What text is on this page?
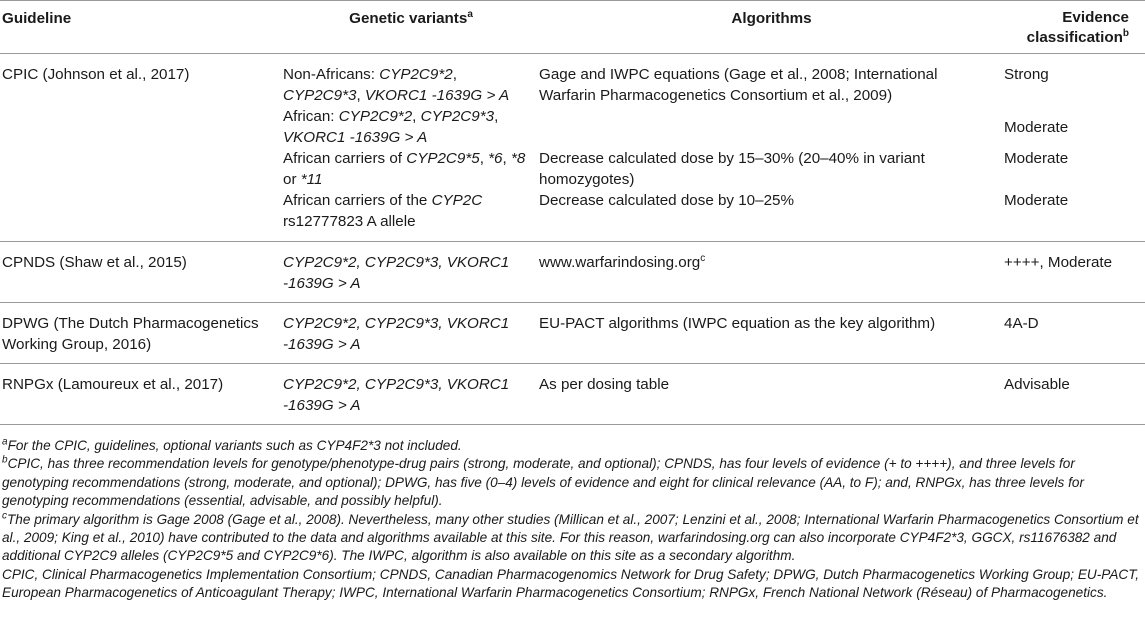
Guideline	Genetic variants$^a$	Algorithms	Evidence
classification$^b$
CPIC (Johnson et al., 2017)	Non-Africans: CYP2C9*2, CYP2C9*3, VKORC1 -1639G > A	Gage and IWPC equations (Gage et al., 2008; International Warfarin Pharmacogenetics Consortium et al., 2009)	Strong
	African: CYP2C9*2, CYP2C9*3, VKORC1 -1639G > A		Moderate
	African carriers of CYP2C9*5, *6, *8 or *11	Decrease calculated dose by 15–30% (20–40% in variant homozygotes)	Moderate
	African carriers of the CYP2C rs12777823 A allele	Decrease calculated dose by 10–25%	Moderate
CPNDS (Shaw et al., 2015)	CYP2C9*2, CYP2C9*3, VKORC1 -1639G > A	www.warfarindosing.org$^c$	++++, Moderate
DPWG (The Dutch Pharmacogenetics Working Group, 2016)	CYP2C9*2, CYP2C9*3, VKORC1 -1639G > A	EU-PACT algorithms (IWPC equation as the key algorithm)	4A-D
RNPGx (Lamoureux et al., 2017)	CYP2C9*2, CYP2C9*3, VKORC1 -1639G > A	As per dosing table	Advisable

$^a$For the CPIC, guidelines, optional variants such as CYP4F2*3 not included.

$^b$CPIC, has three recommendation levels for genotype/phenotype-drug pairs (strong, moderate, and optional); CPNDS, has four levels of evidence (+ to ++++), and three levels for genotyping recommendations (strong, moderate, and optional); DPWG, has five (0–4) levels of evidence and eight for clinical relevance (AA, to F); and, RNPGx, has three levels for genotyping recommendations (essential, advisable, and possibly helpful).

$^c$The primary algorithm is Gage 2008 (Gage et al., 2008). Nevertheless, many other studies (Millican et al., 2007; Lenzini et al., 2008; International Warfarin Pharmacogenetics Consortium et al., 2009; King et al., 2010) have contributed to the data and algorithms available at this site. For this reason, warfarindosing.org can also incorporate CYP4F2*3, GGCX, rs11676382 and additional CYP2C9 alleles (CYP2C9*5 and CYP2C9*6). The IWPC, algorithm is also available on this site as a secondary algorithm.

CPIC, Clinical Pharmacogenetics Implementation Consortium; CPNDS, Canadian Pharmacogenomics Network for Drug Safety; DPWG, Dutch Pharmacogenetics Working Group; EU-PACT, European Pharmacogenetics of Anticoagulant Therapy; IWPC, International Warfarin Pharmacogenetics Consortium; RNPGx, French National Network (Réseau) of Pharmacogenetics.
